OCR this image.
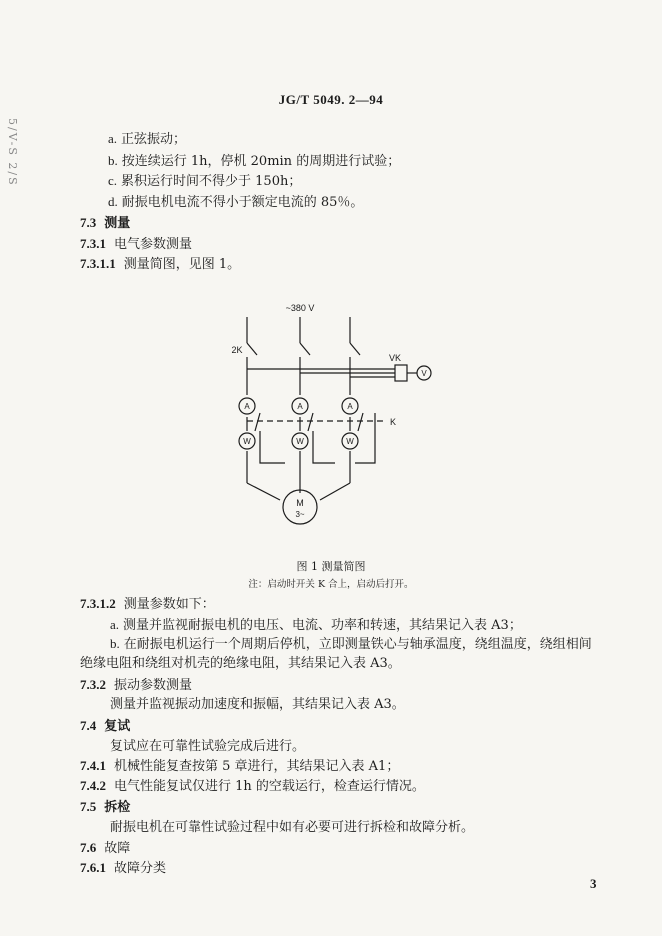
5/V-S 2/S
JG/T 5049. 2—94
a. 正弦振动；
b. 按连续运行 1h，停机 20min 的周期进行试验；
c. 累积运行时间不得少于 150h；
d. 耐振电机电流不得小于额定电流的 85％。
7.3 测量
7.3.1 电气参数测量
7.3.1.1 测量简图，见图 1。
~380 V
2K
VK
V
A	A	A
W	W	W
K
M
3~
图 1 测量简图
注：启动时开关 K 合上，启动后打开。
7.3.1.2 测量参数如下：
a. 测量并监视耐振电机的电压、电流、功率和转速，其结果记入表 A3；
b. 在耐振电机运行一个周期后停机，立即测量铁心与轴承温度，绕组温度，绕组相间
绝缘电阻和绕组对机壳的绝缘电阻，其结果记入表 A3。
7.3.2 振动参数测量
测量并监视振动加速度和振幅，其结果记入表 A3。
7.4 复试
复试应在可靠性试验完成后进行。
7.4.1 机械性能复查按第 5 章进行，其结果记入表 A1；
7.4.2 电气性能复试仅进行 1h 的空载运行，检查运行情况。
7.5 拆检
耐振电机在可靠性试验过程中如有必要可进行拆检和故障分析。
7.6 故障
7.6.1 故障分类
3
